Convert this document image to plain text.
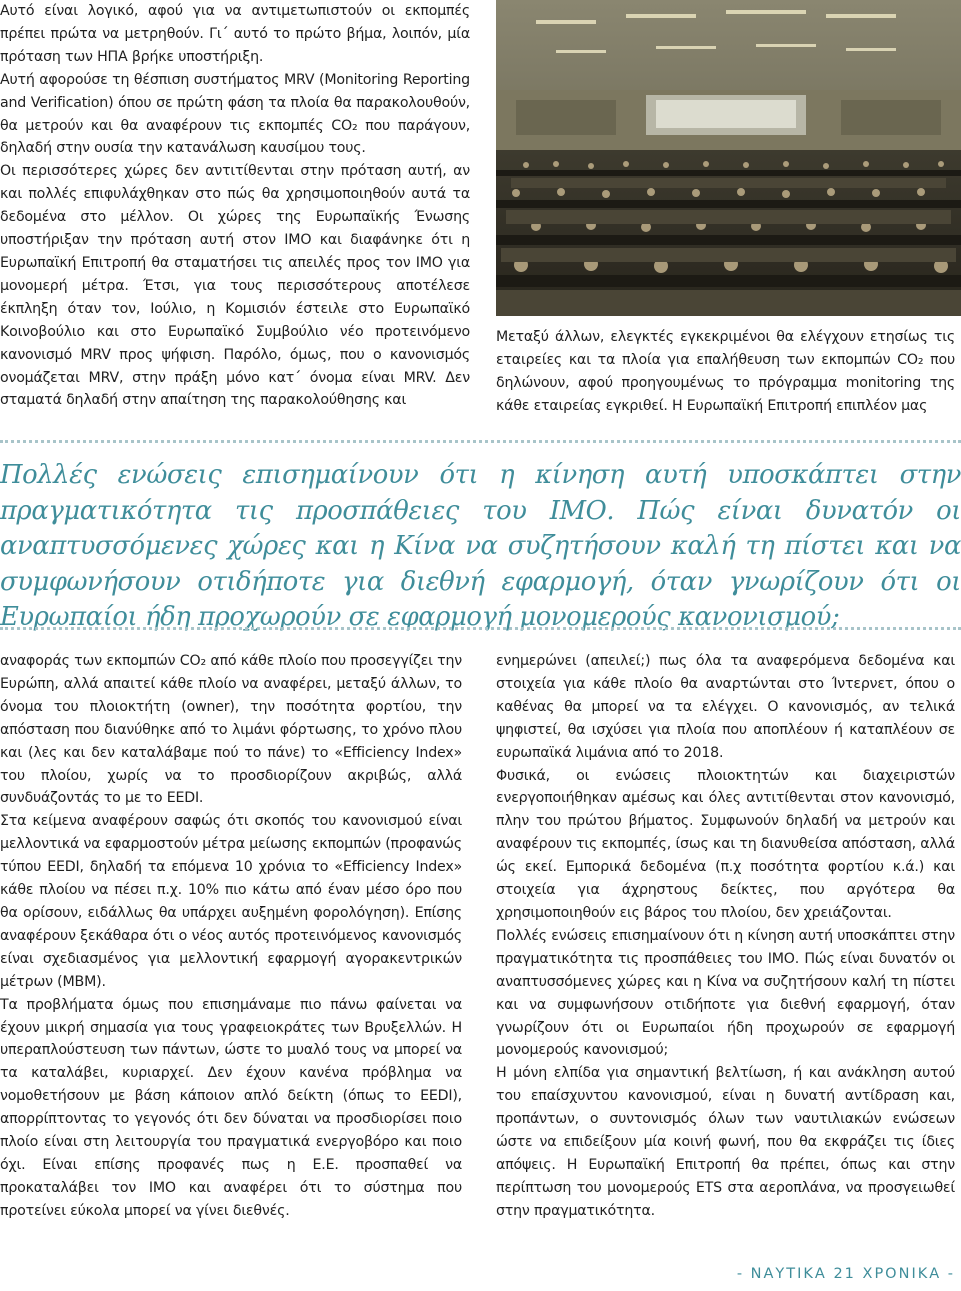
Αυτό είναι λογικό, αφού για να αντιμετωπιστούν οι εκπομπές πρέπει πρώτα να μετρηθούν. Γι΄ αυτό το πρώτο βήμα, λοιπόν, μία πρόταση των ΗΠΑ βρήκε υποστήριξη.

Αυτή αφορούσε τη θέσπιση συστήματος MRV (Monitoring Reporting and Verification) όπου σε πρώτη φάση τα πλοία θα παρακολουθούν, θα μετρούν και θα αναφέρουν τις εκπομπές CO₂ που παράγουν, δηλαδή στην ουσία την κατανάλωση καυσίμου τους.

Οι περισσότερες χώρες δεν αντιτίθενται στην πρόταση αυτή, αν και πολλές επιφυλάχθηκαν στο πώς θα χρησιμοποιηθούν αυτά τα δεδομένα στο μέλλον. Οι χώρες της Ευρωπαϊκής Ένωσης υποστήριξαν την πρόταση αυτή στον ΙΜΟ και διαφάνηκε ότι η Ευρωπαϊκή Επιτροπή θα σταματήσει τις απειλές προς τον ΙΜΟ για μονομερή μέτρα. Έτσι, για τους περισσότερους αποτέλεσε έκπληξη όταν τον, Ιούλιο, η Κομισιόν έστειλε στο Ευρωπαϊκό Κοινοβούλιο και στο Ευρωπαϊκό Συμβούλιο νέο προτεινόμενο κανονισμό MRV προς ψήφιση. Παρόλο, όμως, που ο κανονισμός ονομάζεται MRV, στην πράξη μόνο κατ΄ όνομα είναι MRV. Δεν σταματά δηλαδή στην απαίτηση της παρακολούθησης και

Μεταξύ άλλων, ελεγκτές εγκεκριμένοι θα ελέγχουν ετησίως τις εταιρείες και τα πλοία για επαλήθευση των εκπομπών CO₂ που δηλώνουν, αφού προηγουμένως το πρόγραμμα monitoring της κάθε εταιρείας εγκριθεί. Η Ευρωπαϊκή Επιτροπή επιπλέον μας

Πολλές ενώσεις επισημαίνουν ότι η κίνηση αυτή υποσκάπτει στην πραγματικότητα τις προσπάθειες του ΙΜΟ. Πώς είναι δυνατόν οι αναπτυσσόμενες χώρες και η Κίνα να συζητήσουν καλή τη πίστει και να συμφωνήσουν οτιδήποτε για διεθνή εφαρμογή, όταν γνωρίζουν ότι οι Ευρωπαίοι ήδη προχωρούν σε εφαρμογή μονομερούς κανονισμού;

αναφοράς των εκπομπών CO₂ από κάθε πλοίο που προσεγγίζει την Ευρώπη, αλλά απαιτεί κάθε πλοίο να αναφέρει, μεταξύ άλλων, το όνομα του πλοιοκτήτη (owner), την ποσότητα φορτίου, την απόσταση που διανύθηκε από το λιμάνι φόρτωσης, το χρόνο πλου και (λες και δεν καταλάβαμε πού το πάνε) το «Efficiency Index» του πλοίου, χωρίς να το προσδιορίζουν ακριβώς, αλλά συνδυάζοντάς το με το EEDI.

Στα κείμενα αναφέρουν σαφώς ότι σκοπός του κανονισμού είναι μελλοντικά να εφαρμοστούν μέτρα μείωσης εκπομπών (προφανώς τύπου EEDI, δηλαδή τα επόμενα 10 χρόνια το «Efficiency Index» κάθε πλοίου να πέσει π.χ. 10% πιο κάτω από έναν μέσο όρο που θα ορίσουν, ειδάλλως θα υπάρχει αυξημένη φορολόγηση). Επίσης αναφέρουν ξεκάθαρα ότι ο νέος αυτός προτεινόμενος κανονισμός είναι σχεδιασμένος για μελλοντική εφαρμογή αγορακεντρικών μέτρων (MBM).

Τα προβλήματα όμως που επισημάναμε πιο πάνω φαίνεται να έχουν μικρή σημασία για τους γραφειοκράτες των Βρυξελλών. Η υπεραπλούστευση των πάντων, ώστε το μυαλό τους να μπορεί να τα καταλάβει, κυριαρχεί. Δεν έχουν κανένα πρόβλημα να νομοθετήσουν με βάση κάποιον απλό δείκτη (όπως το EEDI), απορρίπτοντας το γεγονός ότι δεν δύναται να προσδιορίσει ποιο πλοίο είναι στη λειτουργία του πραγματικά ενεργοβόρο και ποιο όχι. Είναι επίσης προφανές πως η Ε.Ε. προσπαθεί να προκαταλάβει τον ΙΜΟ και αναφέρει ότι το σύστημα που προτείνει εύκολα μπορεί να γίνει διεθνές.

ενημερώνει (απειλεί;) πως όλα τα αναφερόμενα δεδομένα και στοιχεία για κάθε πλοίο θα αναρτώνται στο Ίντερνετ, όπου ο καθένας θα μπορεί να τα ελέγχει. Ο κανονισμός, αν τελικά ψηφιστεί, θα ισχύσει για πλοία που αποπλέουν ή καταπλέουν σε ευρωπαϊκά λιμάνια από το 2018.

Φυσικά, οι ενώσεις πλοιοκτητών και διαχειριστών ενεργοποιήθηκαν αμέσως και όλες αντιτίθενται στον κανονισμό, πλην του πρώτου βήματος. Συμφωνούν δηλαδή να μετρούν και αναφέρουν τις εκπομπές, ίσως και τη διανυθείσα απόσταση, αλλά ώς εκεί. Εμπορικά δεδομένα (π.χ ποσότητα φορτίου κ.ά.) και στοιχεία για άχρηστους δείκτες, που αργότερα θα χρησιμοποιηθούν εις βάρος του πλοίου, δεν χρειάζονται.

Πολλές ενώσεις επισημαίνουν ότι η κίνηση αυτή υποσκάπτει στην πραγματικότητα τις προσπάθειες του ΙΜΟ. Πώς είναι δυνατόν οι αναπτυσσόμενες χώρες και η Κίνα να συζητήσουν καλή τη πίστει και να συμφωνήσουν οτιδήποτε για διεθνή εφαρμογή, όταν γνωρίζουν ότι οι Ευρωπαίοι ήδη προχωρούν σε εφαρμογή μονομερούς κανονισμού;

Η μόνη ελπίδα για σημαντική βελτίωση, ή και ανάκληση αυτού του επαίσχυντου κανονισμού, είναι η δυνατή αντίδραση και, προπάντων, ο συντονισμός όλων των ναυτιλιακών ενώσεων ώστε να επιδείξουν μία κοινή φωνή, που θα εκφράζει τις ίδιες απόψεις. Η Ευρωπαϊκή Επιτροπή θα πρέπει, όπως και στην περίπτωση του μονομερούς ETS στα αεροπλάνα, να προσγειωθεί στην πραγματικότητα.

- ΝΑΥΤΙΚΑ 21 ΧΡΟΝΙΚΑ -
